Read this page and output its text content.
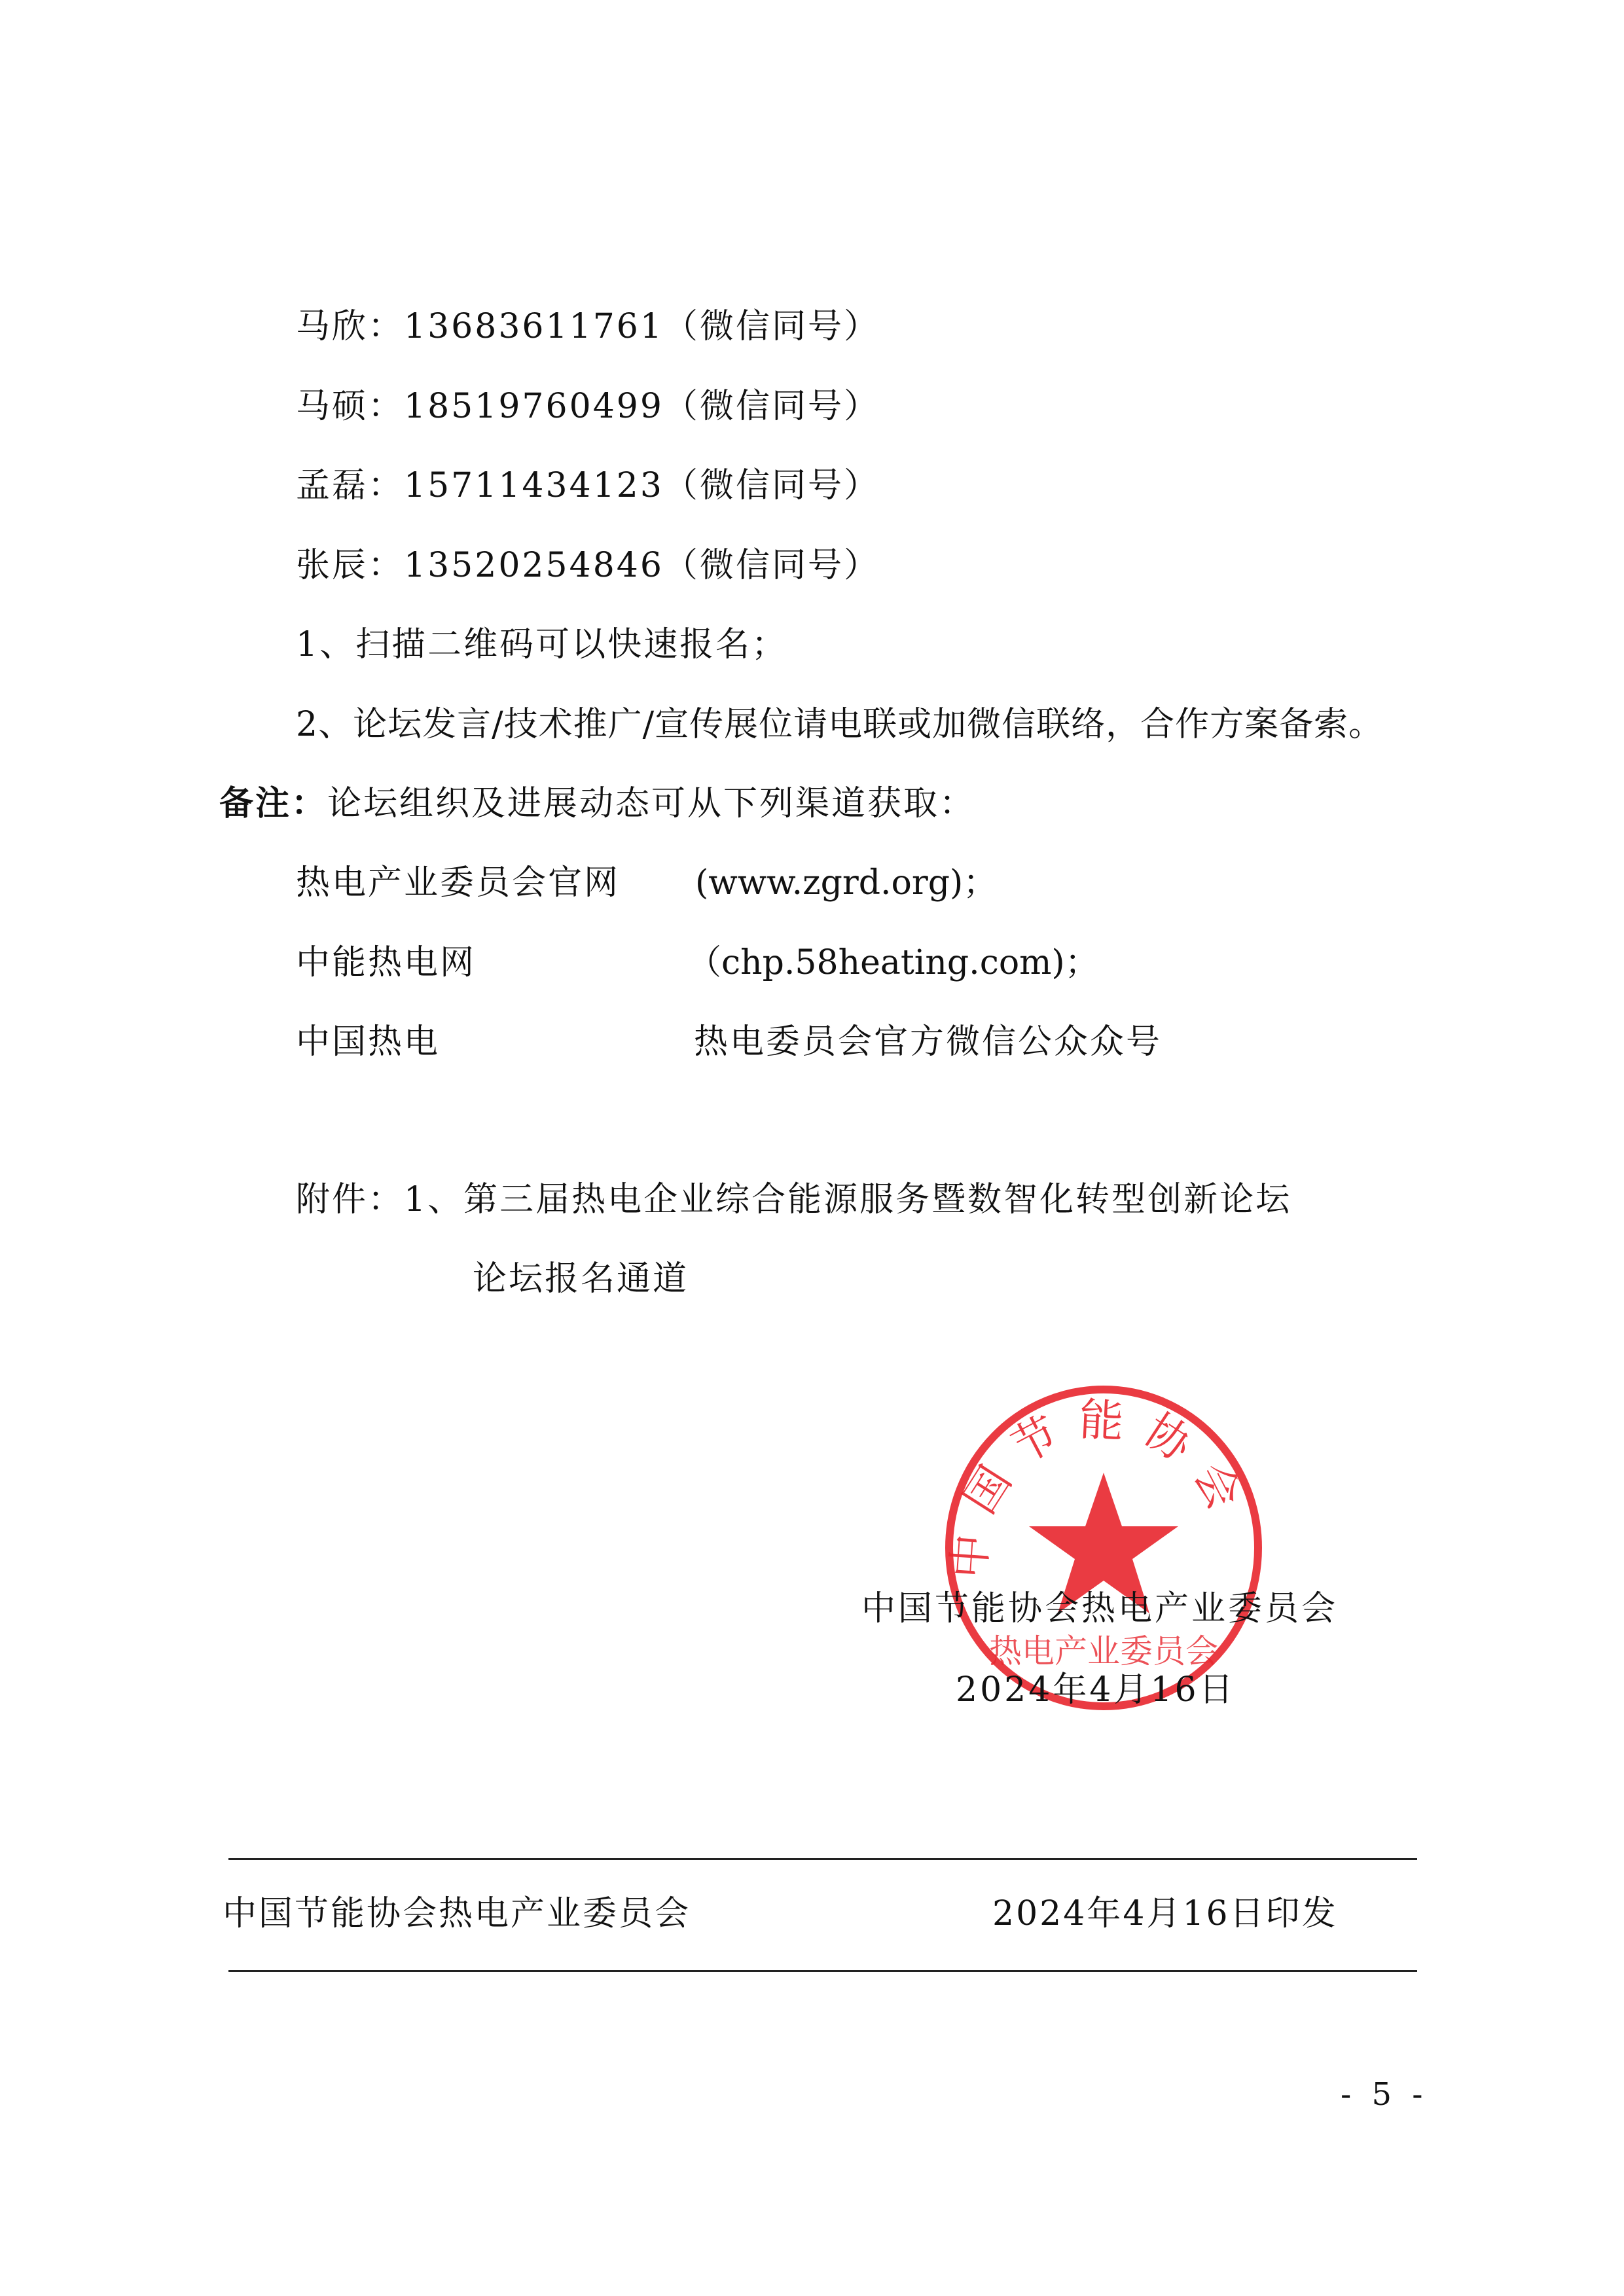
马欣：13683611761（微信同号）
马硕：18519760499（微信同号）
孟磊：15711434123（微信同号）
张辰：13520254846（微信同号）
1、扫描二维码可以快速报名；
2、论坛发言/技术推广/宣传展位请电联或加微信联络，合作方案备索。
备注：论坛组织及进展动态可从下列渠道获取：
热电产业委员会官网 (www.zgrd.org)；
中能热电网	（chp.58heating.com)；
中国热电	热电委员会官方微信公众众号
附件：1、第三届热电企业综合能源服务暨数智化转型创新论坛
论坛报名通道
中国节能协会
热电产业委员会
中国节能协会热电产业委员会
2024年4月16日
中国节能协会热电产业委员会	2024年4月16日印发
- 5 -
